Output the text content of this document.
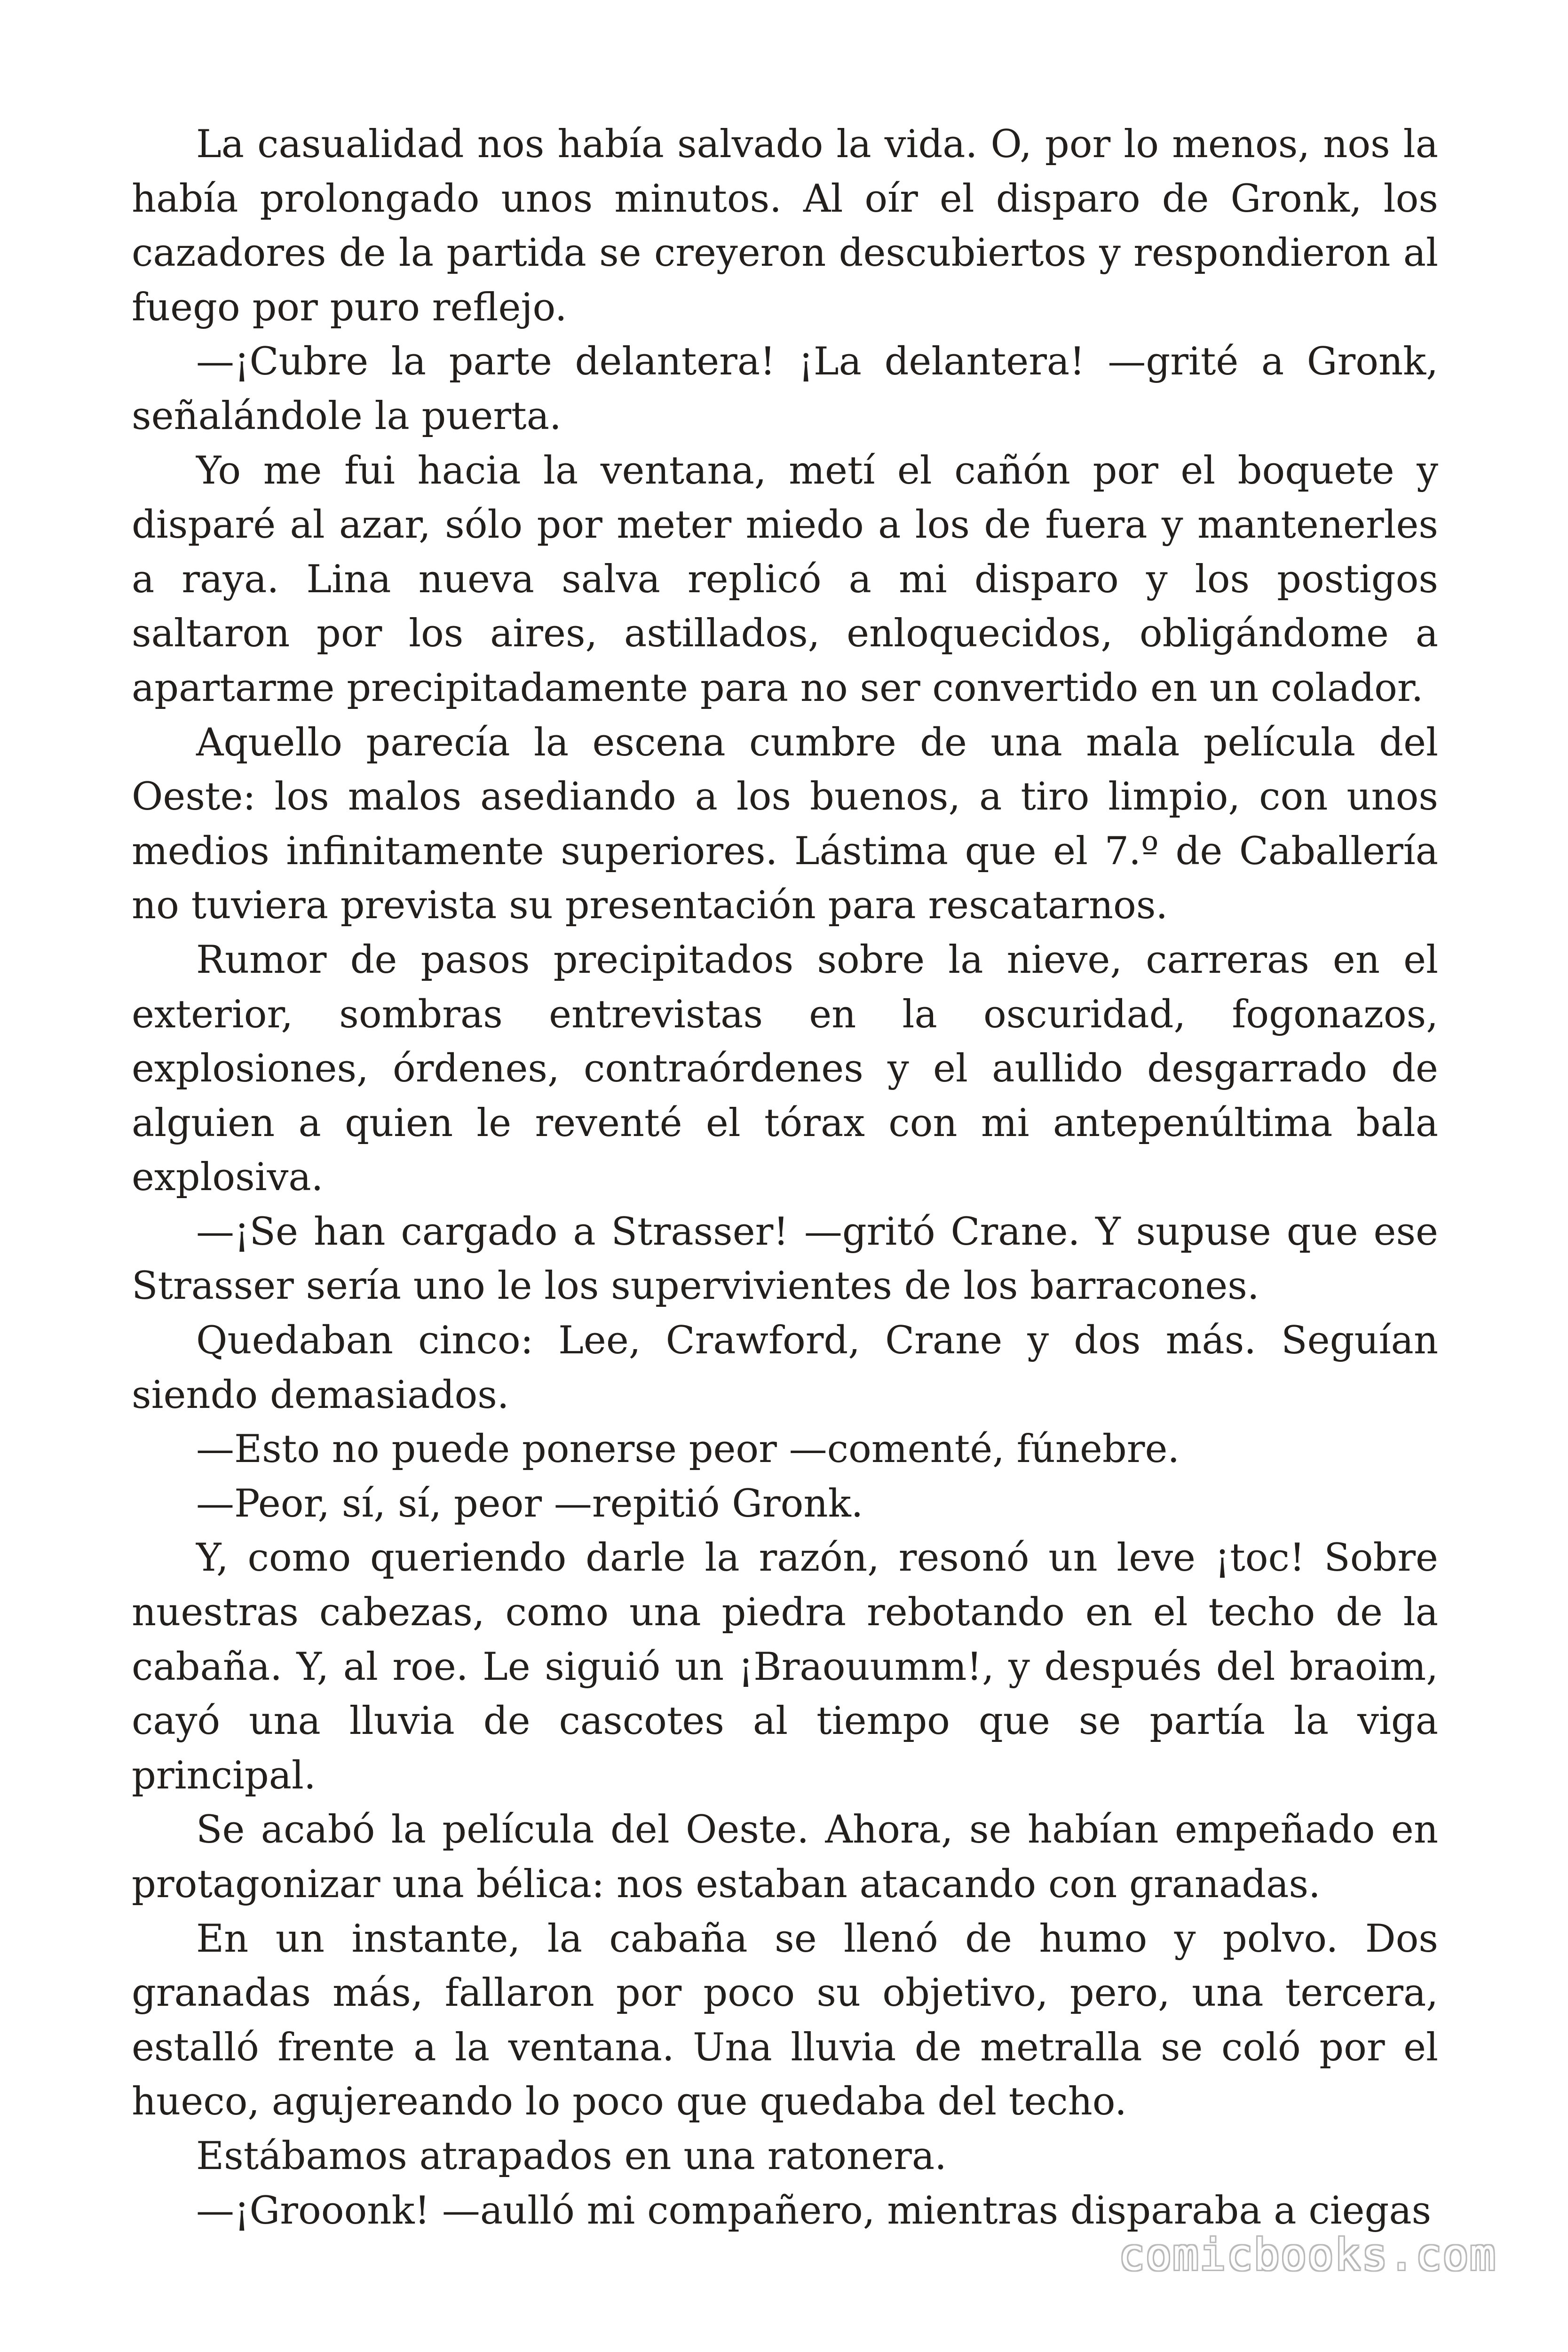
La casualidad nos había salvado la vida. O, por lo menos, nos la había prolongado unos minutos. Al oír el disparo de Gronk, los cazadores de la partida se creyeron descubiertos y respondieron al fuego por puro reflejo.

—¡Cubre la parte delantera! ¡La delantera! —grité a Gronk, señalándole la puerta.

Yo me fui hacia la ventana, metí el cañón por el boquete y disparé al azar, sólo por meter miedo a los de fuera y mantenerles a raya. Lina nueva salva replicó a mi disparo y los postigos saltaron por los aires, astillados, enloquecidos, obligándome a apartarme precipitadamente para no ser convertido en un colador.

Aquello parecía la escena cumbre de una mala película del Oeste: los malos asediando a los buenos, a tiro limpio, con unos medios infinitamente superiores. Lástima que el 7.º de Caballería no tuviera prevista su presentación para rescatarnos.

Rumor de pasos precipitados sobre la nieve, carreras en el exterior, sombras entrevistas en la oscuridad, fogonazos, explosiones, órdenes, contraórdenes y el aullido desgarrado de alguien a quien le reventé el tórax con mi antepenúltima bala explosiva.

—¡Se han cargado a Strasser! —gritó Crane. Y supuse que ese Strasser sería uno le los supervivientes de los barracones.

Quedaban cinco: Lee, Crawford, Crane y dos más. Seguían siendo demasiados.

—Esto no puede ponerse peor —comenté, fúnebre.

—Peor, sí, sí, peor —repitió Gronk.

Y, como queriendo darle la razón, resonó un leve ¡toc! Sobre nuestras cabezas, como una piedra rebotando en el techo de la cabaña. Y, al roe. Le siguió un ¡Braouumm!, y después del braoim, cayó una lluvia de cascotes al tiempo que se partía la viga principal.

Se acabó la película del Oeste. Ahora, se habían empeñado en protagonizar una bélica: nos estaban atacando con granadas.

En un instante, la cabaña se llenó de humo y polvo. Dos granadas más, fallaron por poco su objetivo, pero, una tercera, estalló frente a la ventana. Una lluvia de metralla se coló por el hueco, agujereando lo poco que quedaba del techo.

Estábamos atrapados en una ratonera.

—¡Grooonk! —aulló mi compañero, mientras disparaba a ciegas

comicbooks.com
